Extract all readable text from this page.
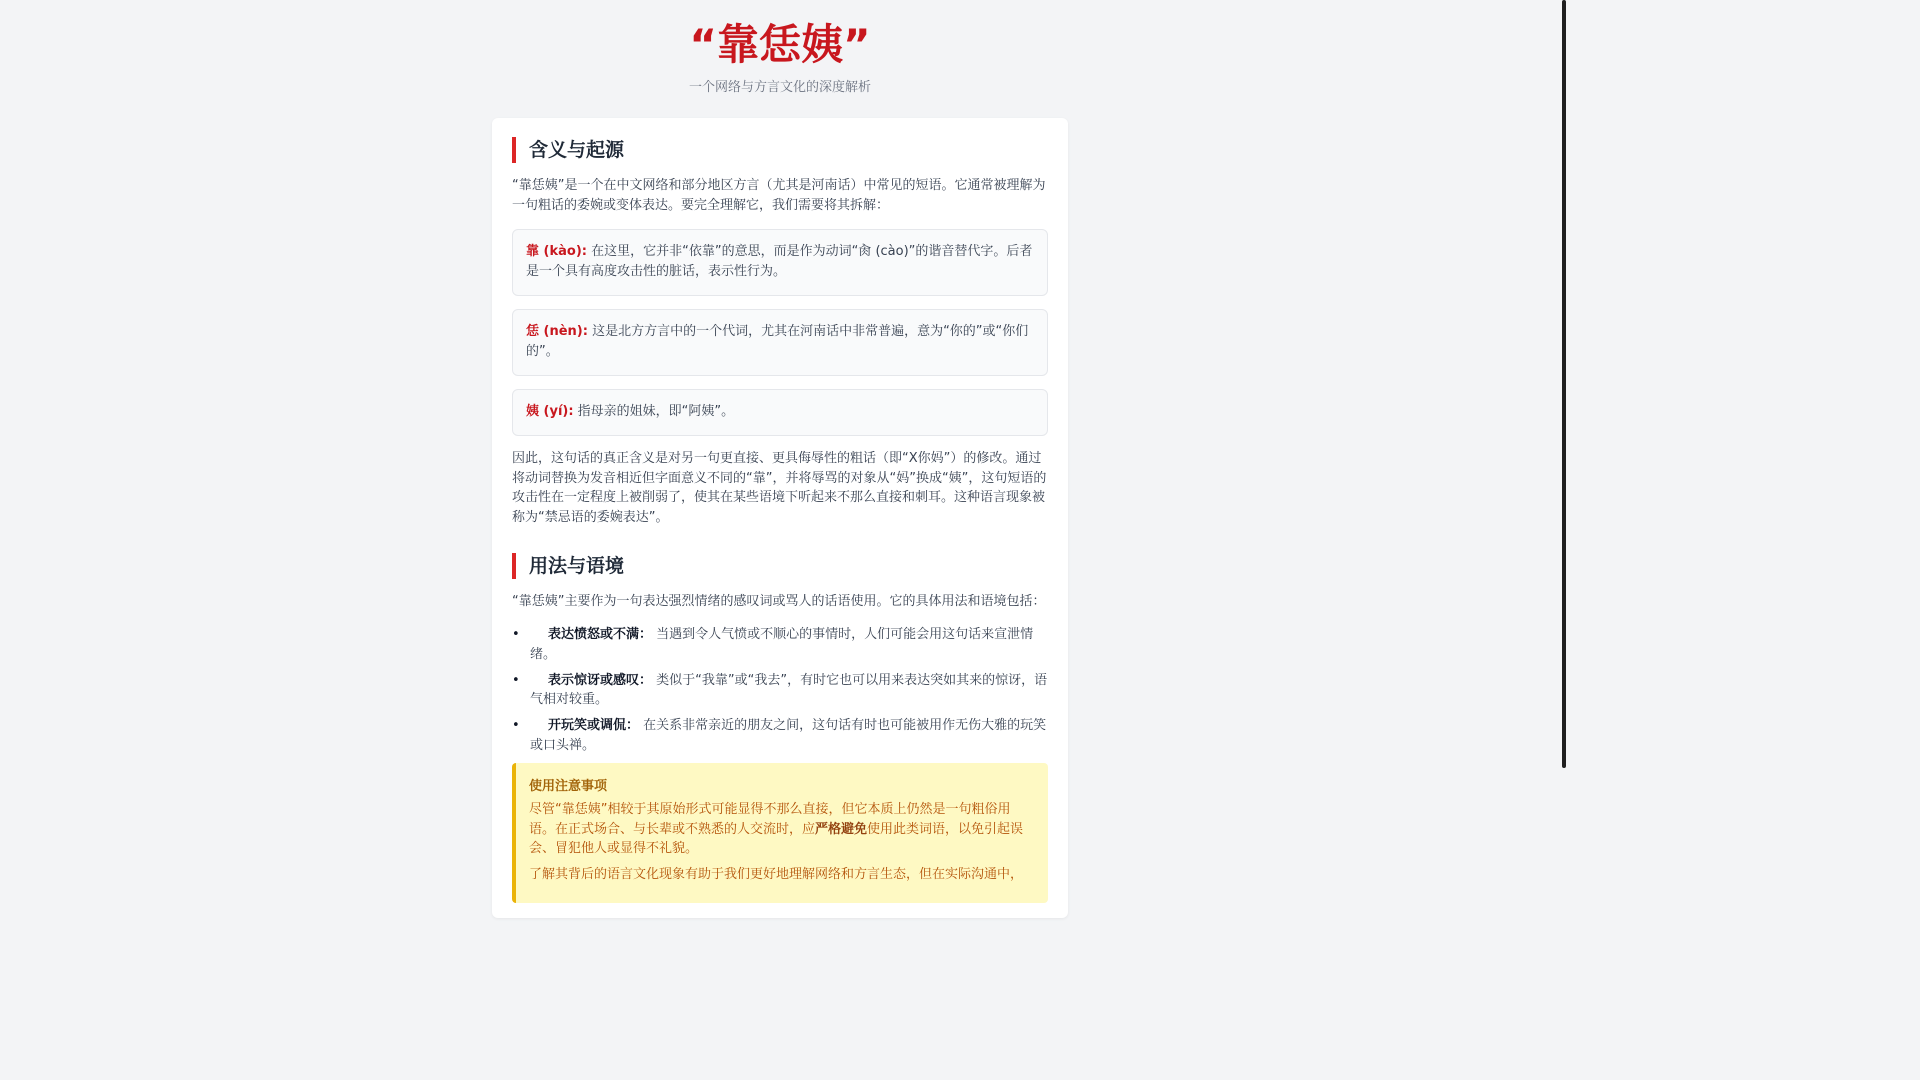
“靠恁姨”
一个网络与方言文化的深度解析
含义与起源
“靠恁姨”是一个在中文网络和部分地区方言（尤其是河南话）中常见的短语。它通常被理解为一句粗话的委婉或变体表达。要完全理解它，我们需要将其拆解：
靠 (kào): 在这里，它并非“依靠”的意思，而是作为动词“肏 (cào)”的谐音替代字。后者是一个具有高度攻击性的脏话，表示性行为。
恁 (nèn): 这是北方方言中的一个代词，尤其在河南话中非常普遍，意为“你的”或“你们的”。
姨 (yí): 指母亲的姐妹，即“阿姨”。
因此，这句话的真正含义是对另一句更直接、更具侮辱性的粗话（即“X你妈”）的修改。通过将动词替换为发音相近但字面意义不同的“靠”，并将辱骂的对象从“妈”换成“姨”，这句短语的攻击性在一定程度上被削弱了，使其在某些语境下听起来不那么直接和刺耳。这种语言现象被称为“禁忌语的委婉表达”。
用法与语境
“靠恁姨”主要作为一句表达强烈情绪的感叹词或骂人的话语使用。它的具体用法和语境包括：
• 表达愤怒或不满： 当遇到令人气愤或不顺心的事情时，人们可能会用这句话来宣泄情绪。
• 表示惊讶或感叹： 类似于“我靠”或“我去”，有时它也可以用来表达突如其来的惊讶，语气相对较重。
• 开玩笑或调侃： 在关系非常亲近的朋友之间，这句话有时也可能被用作无伤大雅的玩笑或口头禅。
使用注意事项

尽管“靠恁姨”相较于其原始形式可能显得不那么直接，但它本质上仍然是一句粗俗用语。在正式场合、与长辈或不熟悉的人交流时，应严格避免使用此类词语，以免引起误会、冒犯他人或显得不礼貌。

了解其背后的语言文化现象有助于我们更好地理解网络和方言生态，但在实际沟通中，
